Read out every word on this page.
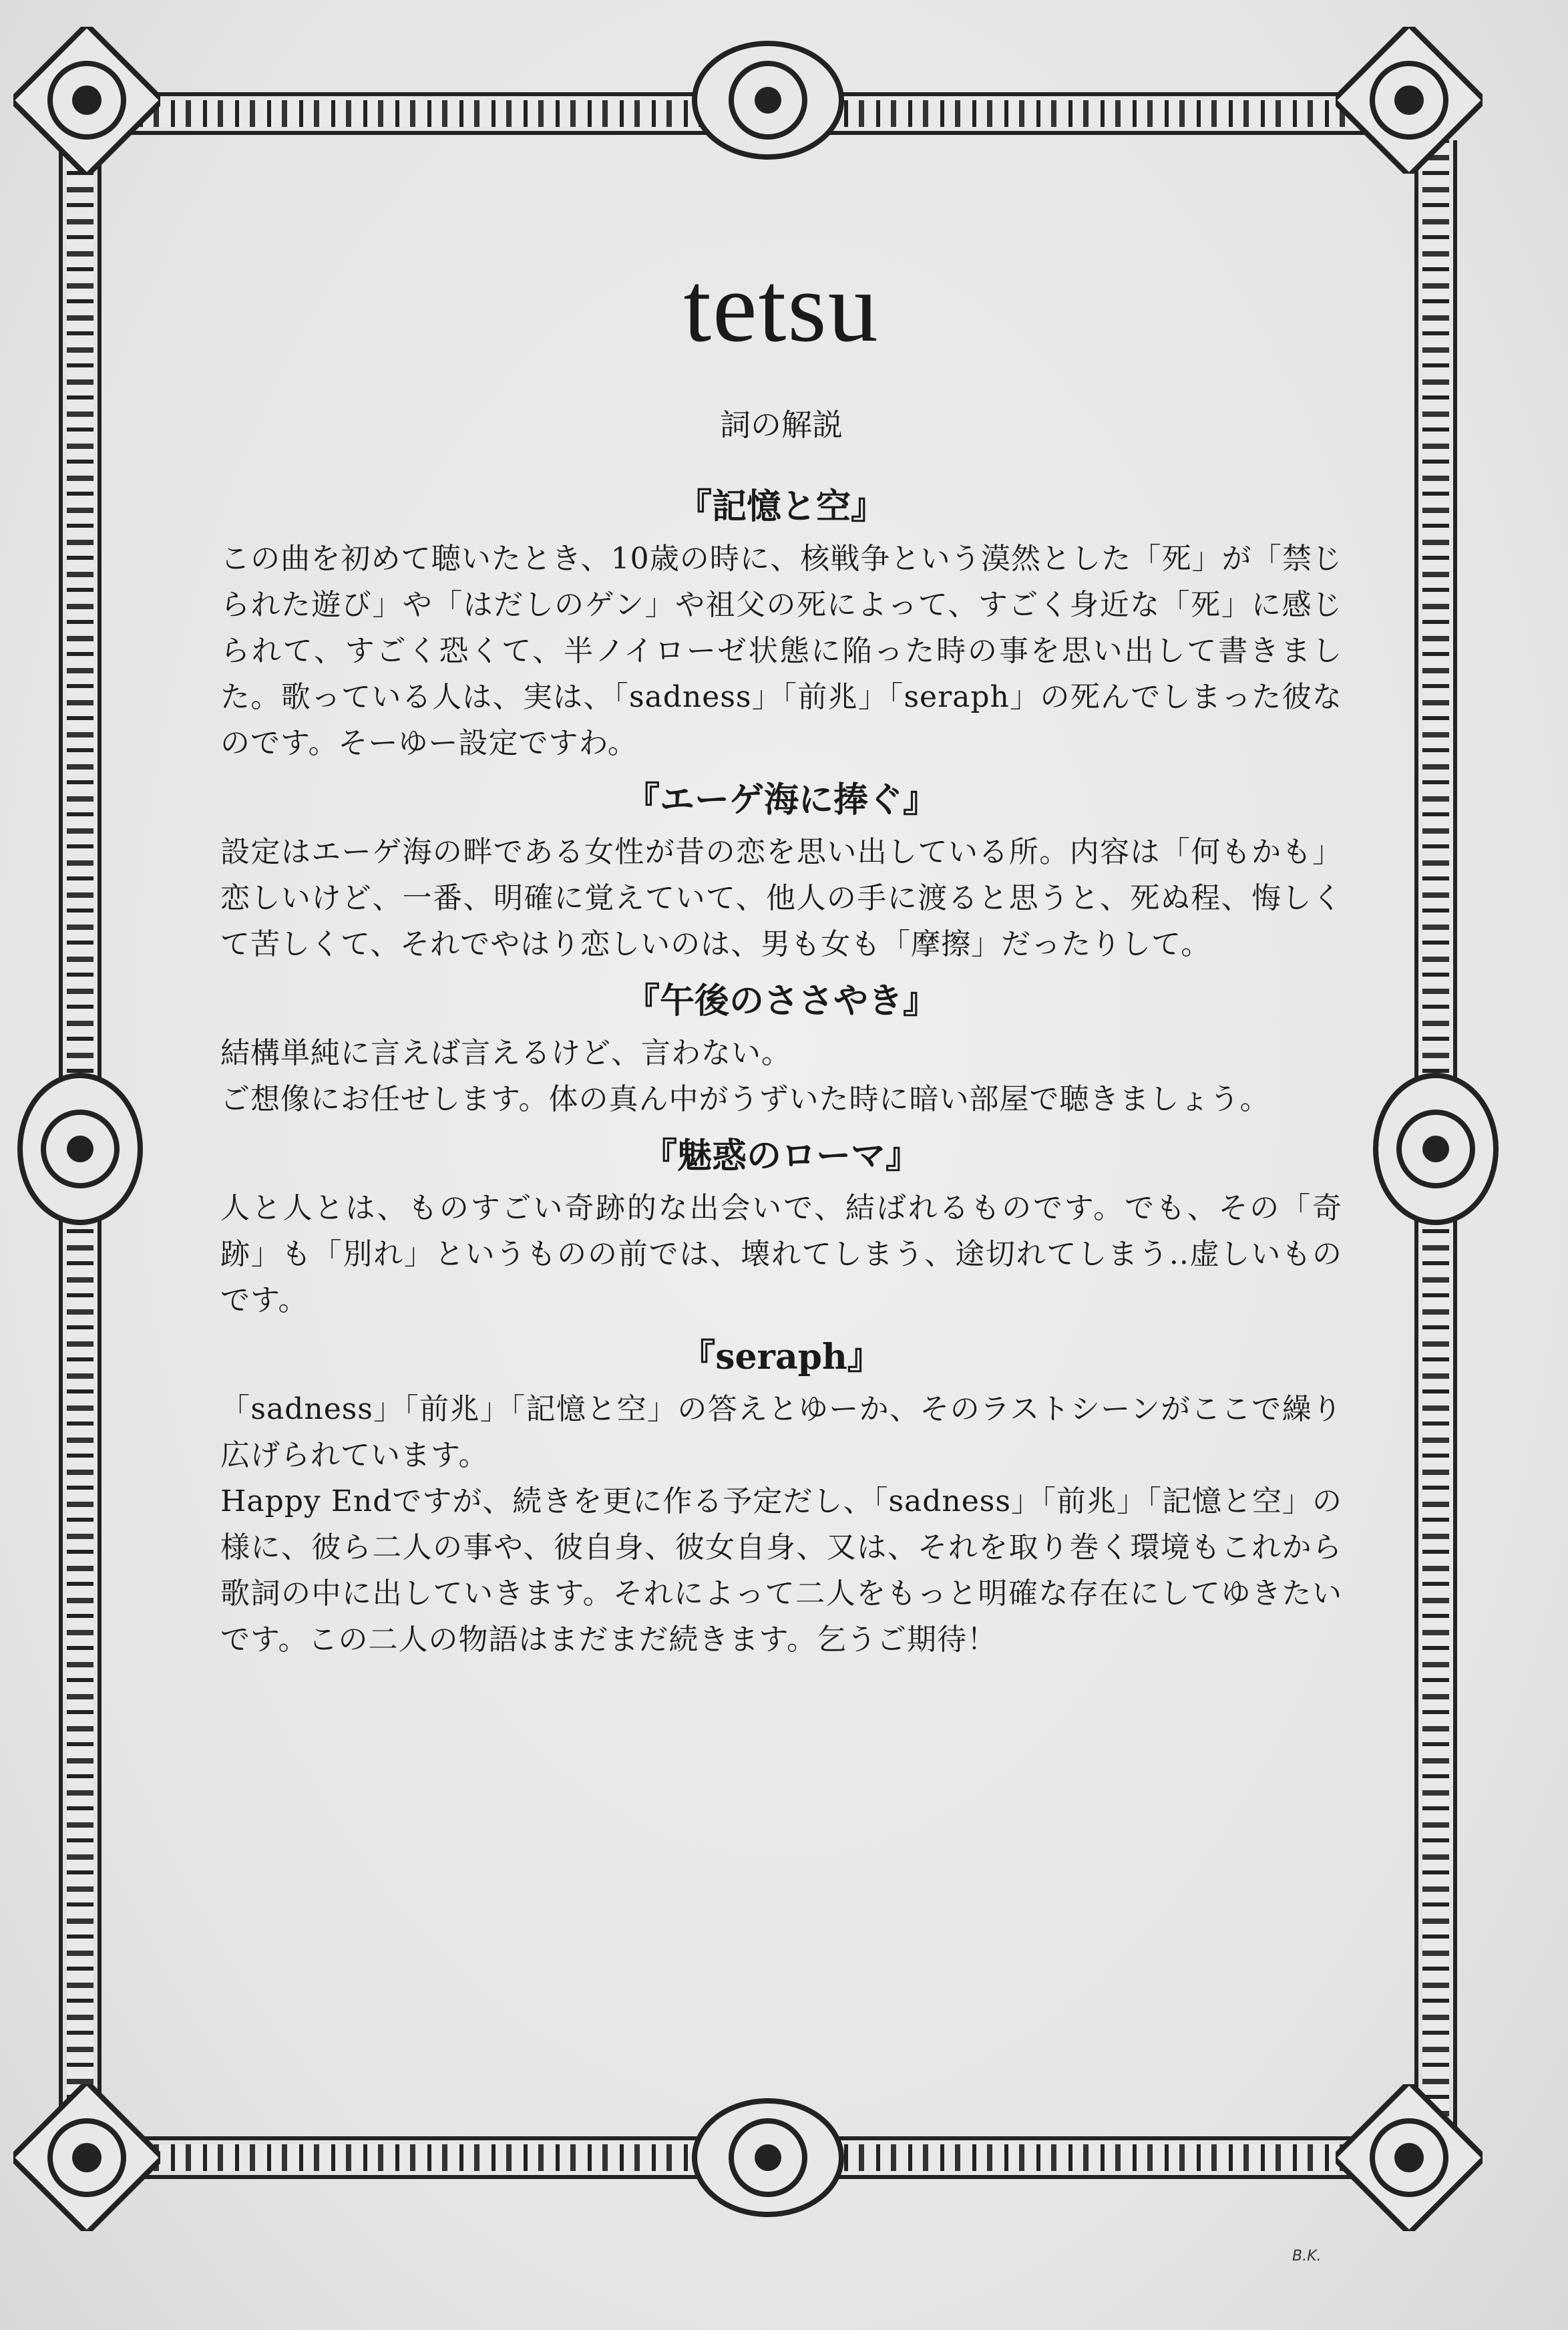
tetsu
詞の解説
『記憶と空』

この曲を初めて聴いたとき、10歳の時に、核戦争という漠然とした「死」が「禁じられた遊び」や「はだしのゲン」や祖父の死によって、すごく身近な「死」に感じられて、すごく恐くて、半ノイローゼ状態に陥った時の事を思い出して書きました。歌っている人は、実は、「sadness」「前兆」「seraph」の死んでしまった彼なのです。そーゆー設定ですわ。

『エーゲ海に捧ぐ』

設定はエーゲ海の畔である女性が昔の恋を思い出している所。内容は「何もかも」恋しいけど、一番、明確に覚えていて、他人の手に渡ると思うと、死ぬ程、悔しくて苦しくて、それでやはり恋しいのは、男も女も「摩擦」だったりして。

『午後のささやき』

結構単純に言えば言えるけど、言わない。

ご想像にお任せします。体の真ん中がうずいた時に暗い部屋で聴きましょう。

『魅惑のローマ』

人と人とは、ものすごい奇跡的な出会いで、結ばれるものです。でも、その「奇跡」も「別れ」というものの前では、壊れてしまう、途切れてしまう..虚しいものです。

『seraph』

「sadness」「前兆」「記憶と空」の答えとゆーか、そのラストシーンがここで繰り広げられています。

Happy Endですが、続きを更に作る予定だし、「sadness」「前兆」「記憶と空」の様に、彼ら二人の事や、彼自身、彼女自身、又は、それを取り巻く環境もこれから歌詞の中に出していきます。それによって二人をもっと明確な存在にしてゆきたいです。この二人の物語はまだまだ続きます。乞うご期待！

B.K.
